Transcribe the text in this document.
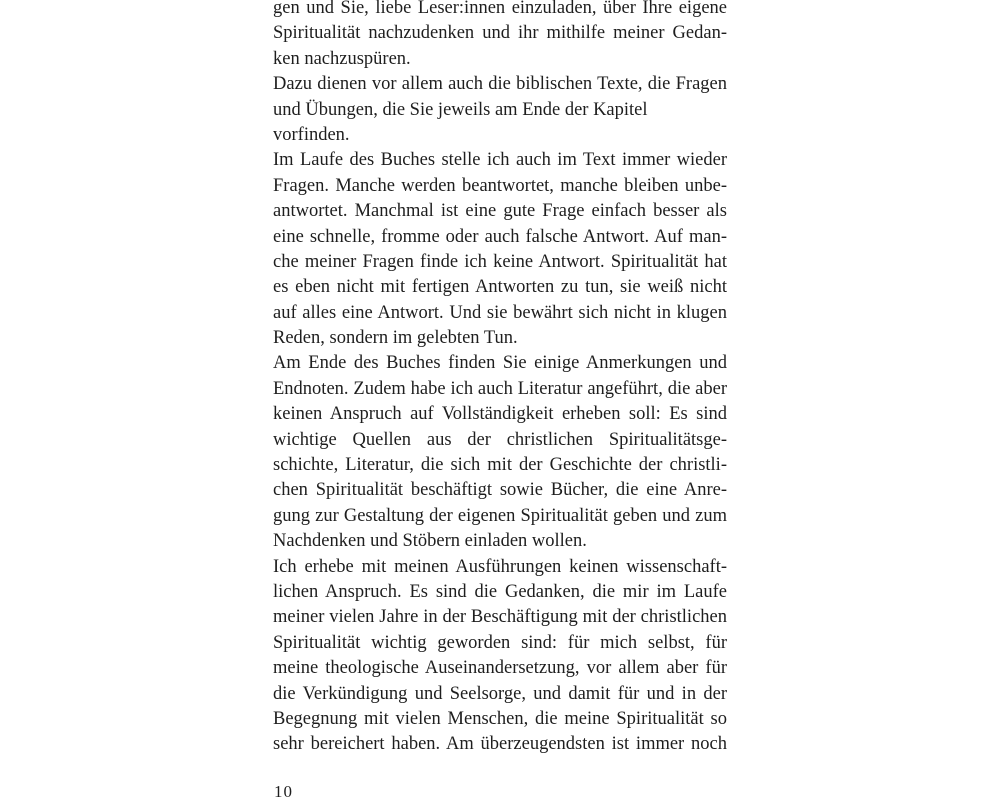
gen und Sie, liebe Leser:innen einzuladen, über Ihre eigene
Spiritualität nachzudenken und ihr mithilfe meiner Gedan-
ken nachzuspüren.
Dazu dienen vor allem auch die biblischen Texte, die Fragen
und Übungen, die Sie jeweils am Ende der Kapitel vorfinden.
Im Laufe des Buches stelle ich auch im Text immer wieder
Fragen. Manche werden beantwortet, manche bleiben unbe-
antwortet. Manchmal ist eine gute Frage einfach besser als
eine schnelle, fromme oder auch falsche Antwort. Auf man-
che meiner Fragen finde ich keine Antwort. Spiritualität hat
es eben nicht mit fertigen Antworten zu tun, sie weiß nicht
auf alles eine Antwort. Und sie bewährt sich nicht in klugen
Reden, sondern im gelebten Tun.
Am Ende des Buches finden Sie einige Anmerkungen und
Endnoten. Zudem habe ich auch Literatur angeführt, die aber
keinen Anspruch auf Vollständigkeit erheben soll: Es sind
wichtige Quellen aus der christlichen Spiritualitätsge-
schichte, Literatur, die sich mit der Geschichte der christli-
chen Spiritualität beschäftigt sowie Bücher, die eine Anre-
gung zur Gestaltung der eigenen Spiritualität geben und zum
Nachdenken und Stöbern einladen wollen.
Ich erhebe mit meinen Ausführungen keinen wissenschaft-
lichen Anspruch. Es sind die Gedanken, die mir im Laufe
meiner vielen Jahre in der Beschäftigung mit der christlichen
Spiritualität wichtig geworden sind: für mich selbst, für
meine theologische Auseinandersetzung, vor allem aber für
die Verkündigung und Seelsorge, und damit für und in der
Begegnung mit vielen Menschen, die meine Spiritualität so
sehr bereichert haben. Am überzeugendsten ist immer noch
10
